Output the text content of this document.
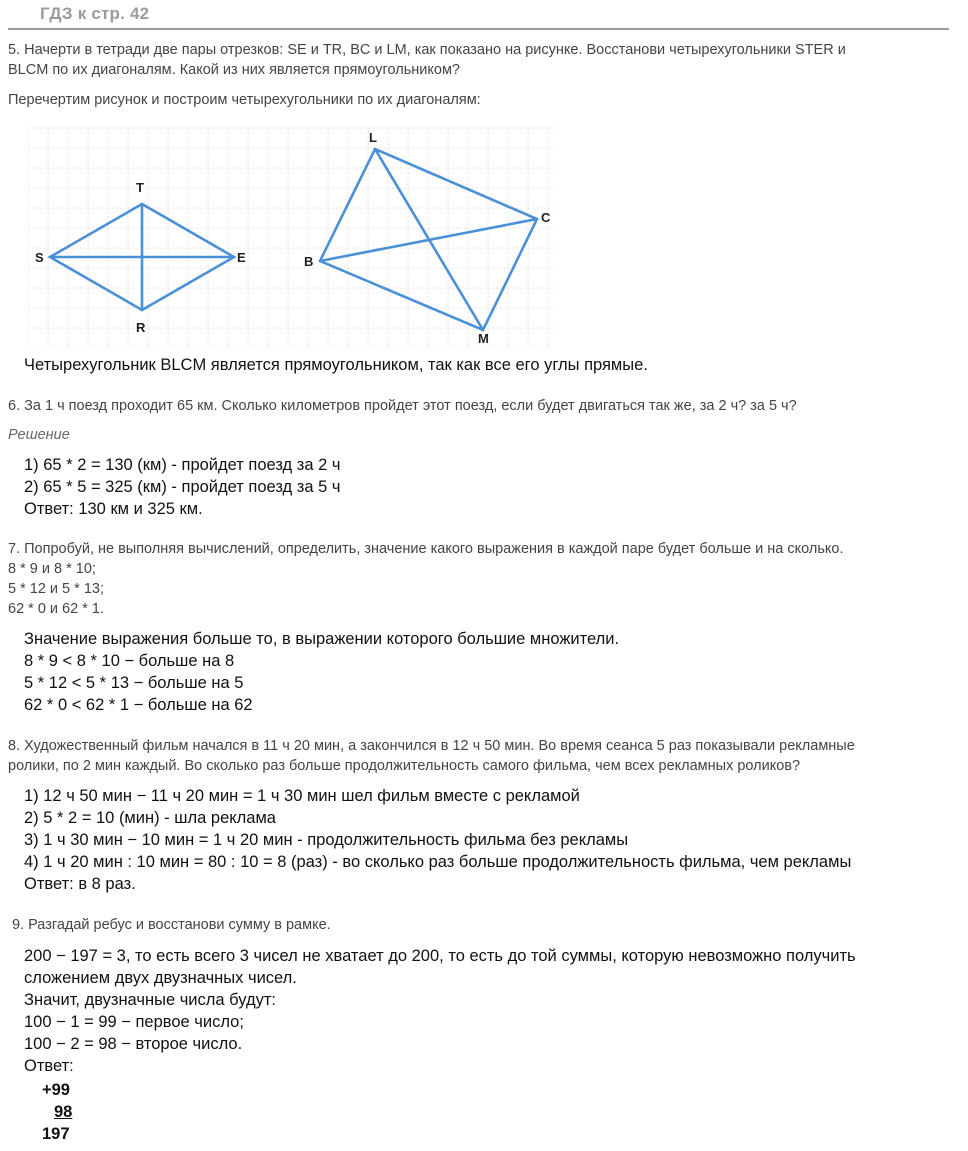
ГДЗ к стр. 42
5. Начерти в тетради две пары отрезков: SE и TR, BC и LM, как показано на рисунке. Восстанови четырехугольники STER и
BLCM по их диагоналям. Какой из них является прямоугольником?
Перечертим рисунок и построим четырехугольники по их диагоналям:
S
T
E
R
L
C
B
M
Четырехугольник BLCM является прямоугольником, так как все его углы прямые.
6. За 1 ч поезд проходит 65 км. Сколько километров пройдет этот поезд, если будет двигаться так же, за 2 ч? за 5 ч?
Решение
1) 65 * 2 = 130 (км) - пройдет поезд за 2 ч
2) 65 * 5 = 325 (км) - пройдет поезд за 5 ч
Ответ: 130 км и 325 км.
7. Попробуй, не выполняя вычислений, определить, значение какого выражения в каждой паре будет больше и на сколько.
8 * 9 и 8 * 10;
5 * 12 и 5 * 13;
62 * 0 и 62 * 1.
Значение выражения больше то, в выражении которого большие множители.
8 * 9 < 8 * 10 − больше на 8
5 * 12 < 5 * 13 − больше на 5
62 * 0 < 62 * 1 − больше на 62
8. Художественный фильм начался в 11 ч 20 мин, а закончился в 12 ч 50 мин. Во время сеанса 5 раз показывали рекламные
ролики, по 2 мин каждый. Во сколько раз больше продолжительность самого фильма, чем всех рекламных роликов?
1) 12 ч 50 мин − 11 ч 20 мин = 1 ч 30 мин шел фильм вместе с рекламой
2) 5 * 2 = 10 (мин) - шла реклама
3) 1 ч 30 мин − 10 мин = 1 ч 20 мин - продолжительность фильма без рекламы
4) 1 ч 20 мин : 10 мин = 80 : 10 = 8 (раз) - во сколько раз больше продолжительность фильма, чем рекламы
Ответ: в 8 раз.
9. Разгадай ребус и восстанови сумму в рамке.
200 − 197 = 3, то есть всего 3 чисел не хватает до 200, то есть до той суммы, которую невозможно получить
сложением двух двузначных чисел.
Значит, двузначные числа будут:
100 − 1 = 99 − первое число;
100 − 2 = 98 − второе число.
Ответ:
+99
98
197
